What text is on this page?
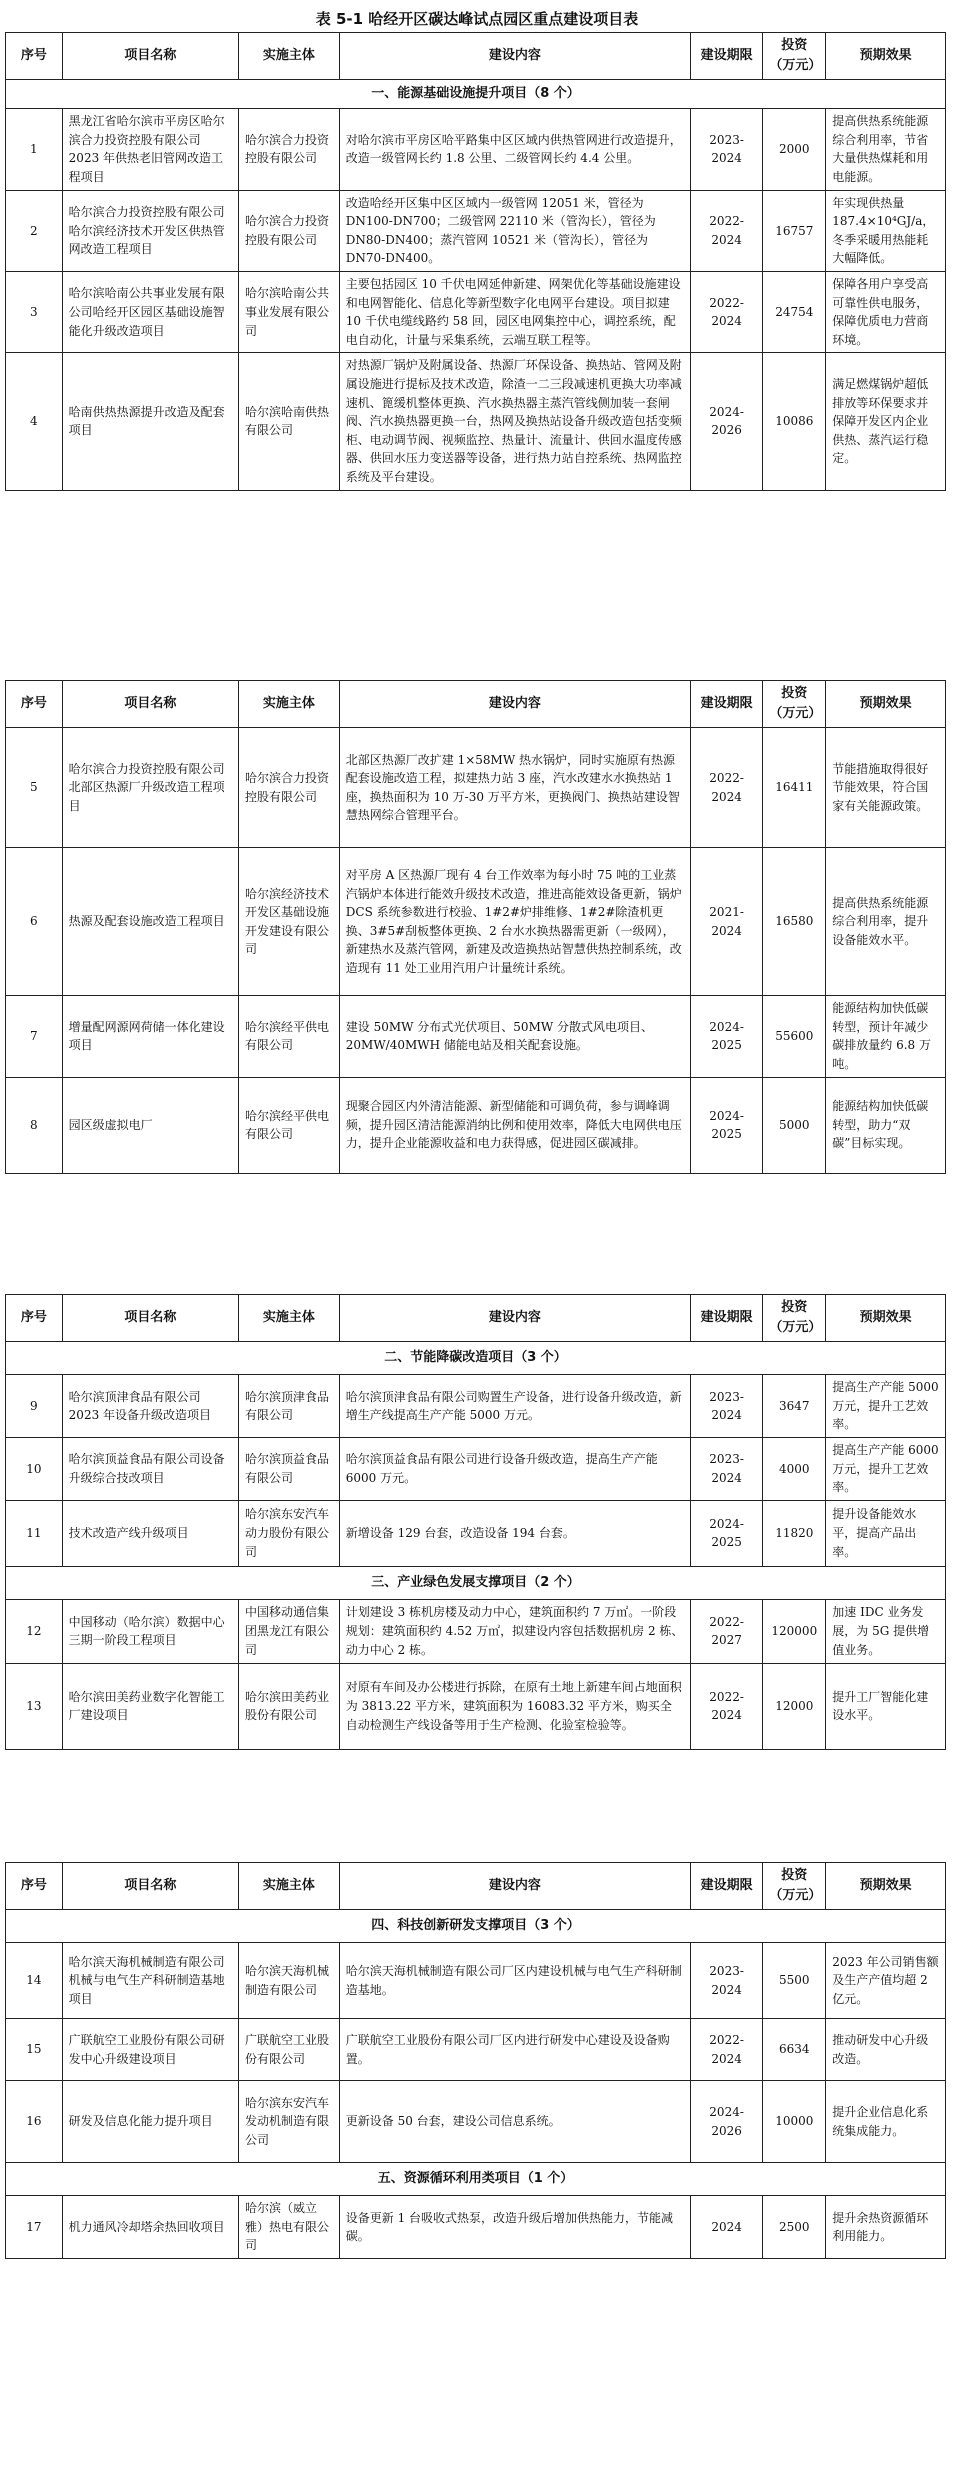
表 5-1 哈经开区碳达峰试点园区重点建设项目表
序号	项目名称	实施主体	建设内容	建设期限	投资（万元）	预期效果
一、能源基础设施提升项目（8 个）						
1	黑龙江省哈尔滨市平房区哈尔滨合力投资控股有限公司 2023 年供热老旧管网改造工程项目	哈尔滨合力投资控股有限公司	对哈尔滨市平房区哈平路集中区区域内供热管网进行改造提升，改造一级管网长约 1.8 公里、二级管网长约 4.4 公里。	2023-2024	2000	提高供热系统能源综合利用率，节省大量供热煤耗和用电能源。
2	哈尔滨合力投资控股有限公司哈尔滨经济技术开发区供热管网改造工程项目	哈尔滨合力投资控股有限公司	改造哈经开区集中区区域内一级管网 12051 米，管径为 DN100-DN700；二级管网 22110 米（管沟长），管径为 DN80-DN400；蒸汽管网 10521 米（管沟长），管径为 DN70-DN400。	2022-2024	16757	年实现供热量 187.4×10⁴GJ/a，冬季采暖用热能耗大幅降低。
3	哈尔滨哈南公共事业发展有限公司哈经开区园区基础设施智能化升级改造项目	哈尔滨哈南公共事业发展有限公司	主要包括园区 10 千伏电网延伸新建、网架优化等基础设施建设和电网智能化、信息化等新型数字化电网平台建设。项目拟建 10 千伏电缆线路约 58 回，园区电网集控中心，调控系统，配电自动化，计量与采集系统，云端互联工程等。	2022-2024	24754	保障各用户享受高可靠性供电服务，保障优质电力营商环境。
4	哈南供热热源提升改造及配套项目	哈尔滨哈南供热有限公司	对热源厂锅炉及附属设备、热源厂环保设备、换热站、管网及附属设施进行提标及技术改造，除渣一二三段减速机更换大功率减速机、篦缓机整体更换、汽水换热器主蒸汽管线侧加装一套闸阀、汽水换热器更换一台，热网及换热站设备升级改造包括变频柜、电动调节阀、视频监控、热量计、流量计、供回水温度传感器、供回水压力变送器等设备，进行热力站自控系统、热网监控系统及平台建设。	2024-2026	10086	满足燃煤锅炉超低排放等环保要求并保障开发区内企业供热、蒸汽运行稳定。
序号	项目名称	实施主体	建设内容	建设期限	投资（万元）	预期效果
5	哈尔滨合力投资控股有限公司北部区热源厂升级改造工程项目	哈尔滨合力投资控股有限公司	北部区热源厂改扩建 1×58MW 热水锅炉，同时实施原有热源配套设施改造工程，拟建热力站 3 座，汽水改建水水换热站 1 座，换热面积为 10 万-30 万平方米，更换阀门、换热站建设智慧热网综合管理平台。	2022-2024	16411	节能措施取得很好节能效果，符合国家有关能源政策。
6	热源及配套设施改造工程项目	哈尔滨经济技术开发区基础设施开发建设有限公司	对平房 A 区热源厂现有 4 台工作效率为每小时 75 吨的工业蒸汽锅炉本体进行能效升级技术改造，推进高能效设备更新，锅炉 DCS 系统参数进行校验、1#2#炉排维修、1#2#除渣机更换、3#5#刮板整体更换、2 台水水换热器需更新（一级网），新建热水及蒸汽管网，新建及改造换热站智慧供热控制系统，改造现有 11 处工业用汽用户计量统计系统。	2021-2024	16580	提高供热系统能源综合利用率，提升设备能效水平。
7	增量配网源网荷储一体化建设项目	哈尔滨经平供电有限公司	建设 50MW 分布式光伏项目、50MW 分散式风电项目、20MW/40MWH 储能电站及相关配套设施。	2024-2025	55600	能源结构加快低碳转型，预计年减少碳排放量约 6.8 万吨。
8	园区级虚拟电厂	哈尔滨经平供电有限公司	现聚合园区内外清洁能源、新型储能和可调负荷，参与调峰调频，提升园区清洁能源消纳比例和使用效率，降低大电网供电压力，提升企业能源收益和电力获得感，促进园区碳减排。	2024-2025	5000	能源结构加快低碳转型，助力“双碳”目标实现。
序号	项目名称	实施主体	建设内容	建设期限	投资（万元）	预期效果
二、节能降碳改造项目（3 个）						
9	哈尔滨顶津食品有限公司 2023 年设备升级改造项目	哈尔滨顶津食品有限公司	哈尔滨顶津食品有限公司购置生产设备，进行设备升级改造，新增生产线提高生产产能 5000 万元。	2023-2024	3647	提高生产产能 5000 万元，提升工艺效率。
10	哈尔滨顶益食品有限公司设备升级综合技改项目	哈尔滨顶益食品有限公司	哈尔滨顶益食品有限公司进行设备升级改造，提高生产产能 6000 万元。	2023-2024	4000	提高生产产能 6000 万元，提升工艺效率。
11	技术改造产线升级项目	哈尔滨东安汽车动力股份有限公司	新增设备 129 台套，改造设备 194 台套。	2024-2025	11820	提升设备能效水平，提高产品出率。
三、产业绿色发展支撑项目（2 个）						
12	中国移动（哈尔滨）数据中心三期一阶段工程项目	中国移动通信集团黑龙江有限公司	计划建设 3 栋机房楼及动力中心，建筑面积约 7 万㎡。一阶段规划：建筑面积约 4.52 万㎡，拟建设内容包括数据机房 2 栋、动力中心 2 栋。	2022-2027	120000	加速 IDC 业务发展，为 5G 提供增值业务。
13	哈尔滨田美药业数字化智能工厂建设项目	哈尔滨田美药业股份有限公司	对原有车间及办公楼进行拆除，在原有土地上新建车间占地面积为 3813.22 平方米，建筑面积为 16083.32 平方米，购买全自动检测生产线设备等用于生产检测、化验室检验等。	2022-2024	12000	提升工厂智能化建设水平。
序号	项目名称	实施主体	建设内容	建设期限	投资（万元）	预期效果
四、科技创新研发支撑项目（3 个）						
14	哈尔滨天海机械制造有限公司机械与电气生产科研制造基地项目	哈尔滨天海机械制造有限公司	哈尔滨天海机械制造有限公司厂区内建设机械与电气生产科研制造基地。	2023-2024	5500	2023 年公司销售额及生产产值均超 2 亿元。
15	广联航空工业股份有限公司研发中心升级建设项目	广联航空工业股份有限公司	广联航空工业股份有限公司厂区内进行研发中心建设及设备购置。	2022-2024	6634	推动研发中心升级改造。
16	研发及信息化能力提升项目	哈尔滨东安汽车发动机制造有限公司	更新设备 50 台套，建设公司信息系统。	2024-2026	10000	提升企业信息化系统集成能力。
五、资源循环利用类项目（1 个）						
17	机力通风冷却塔余热回收项目	哈尔滨（威立雅）热电有限公司	设备更新 1 台吸收式热泵，改造升级后增加供热能力，节能减碳。	2024	2500	提升余热资源循环利用能力。
